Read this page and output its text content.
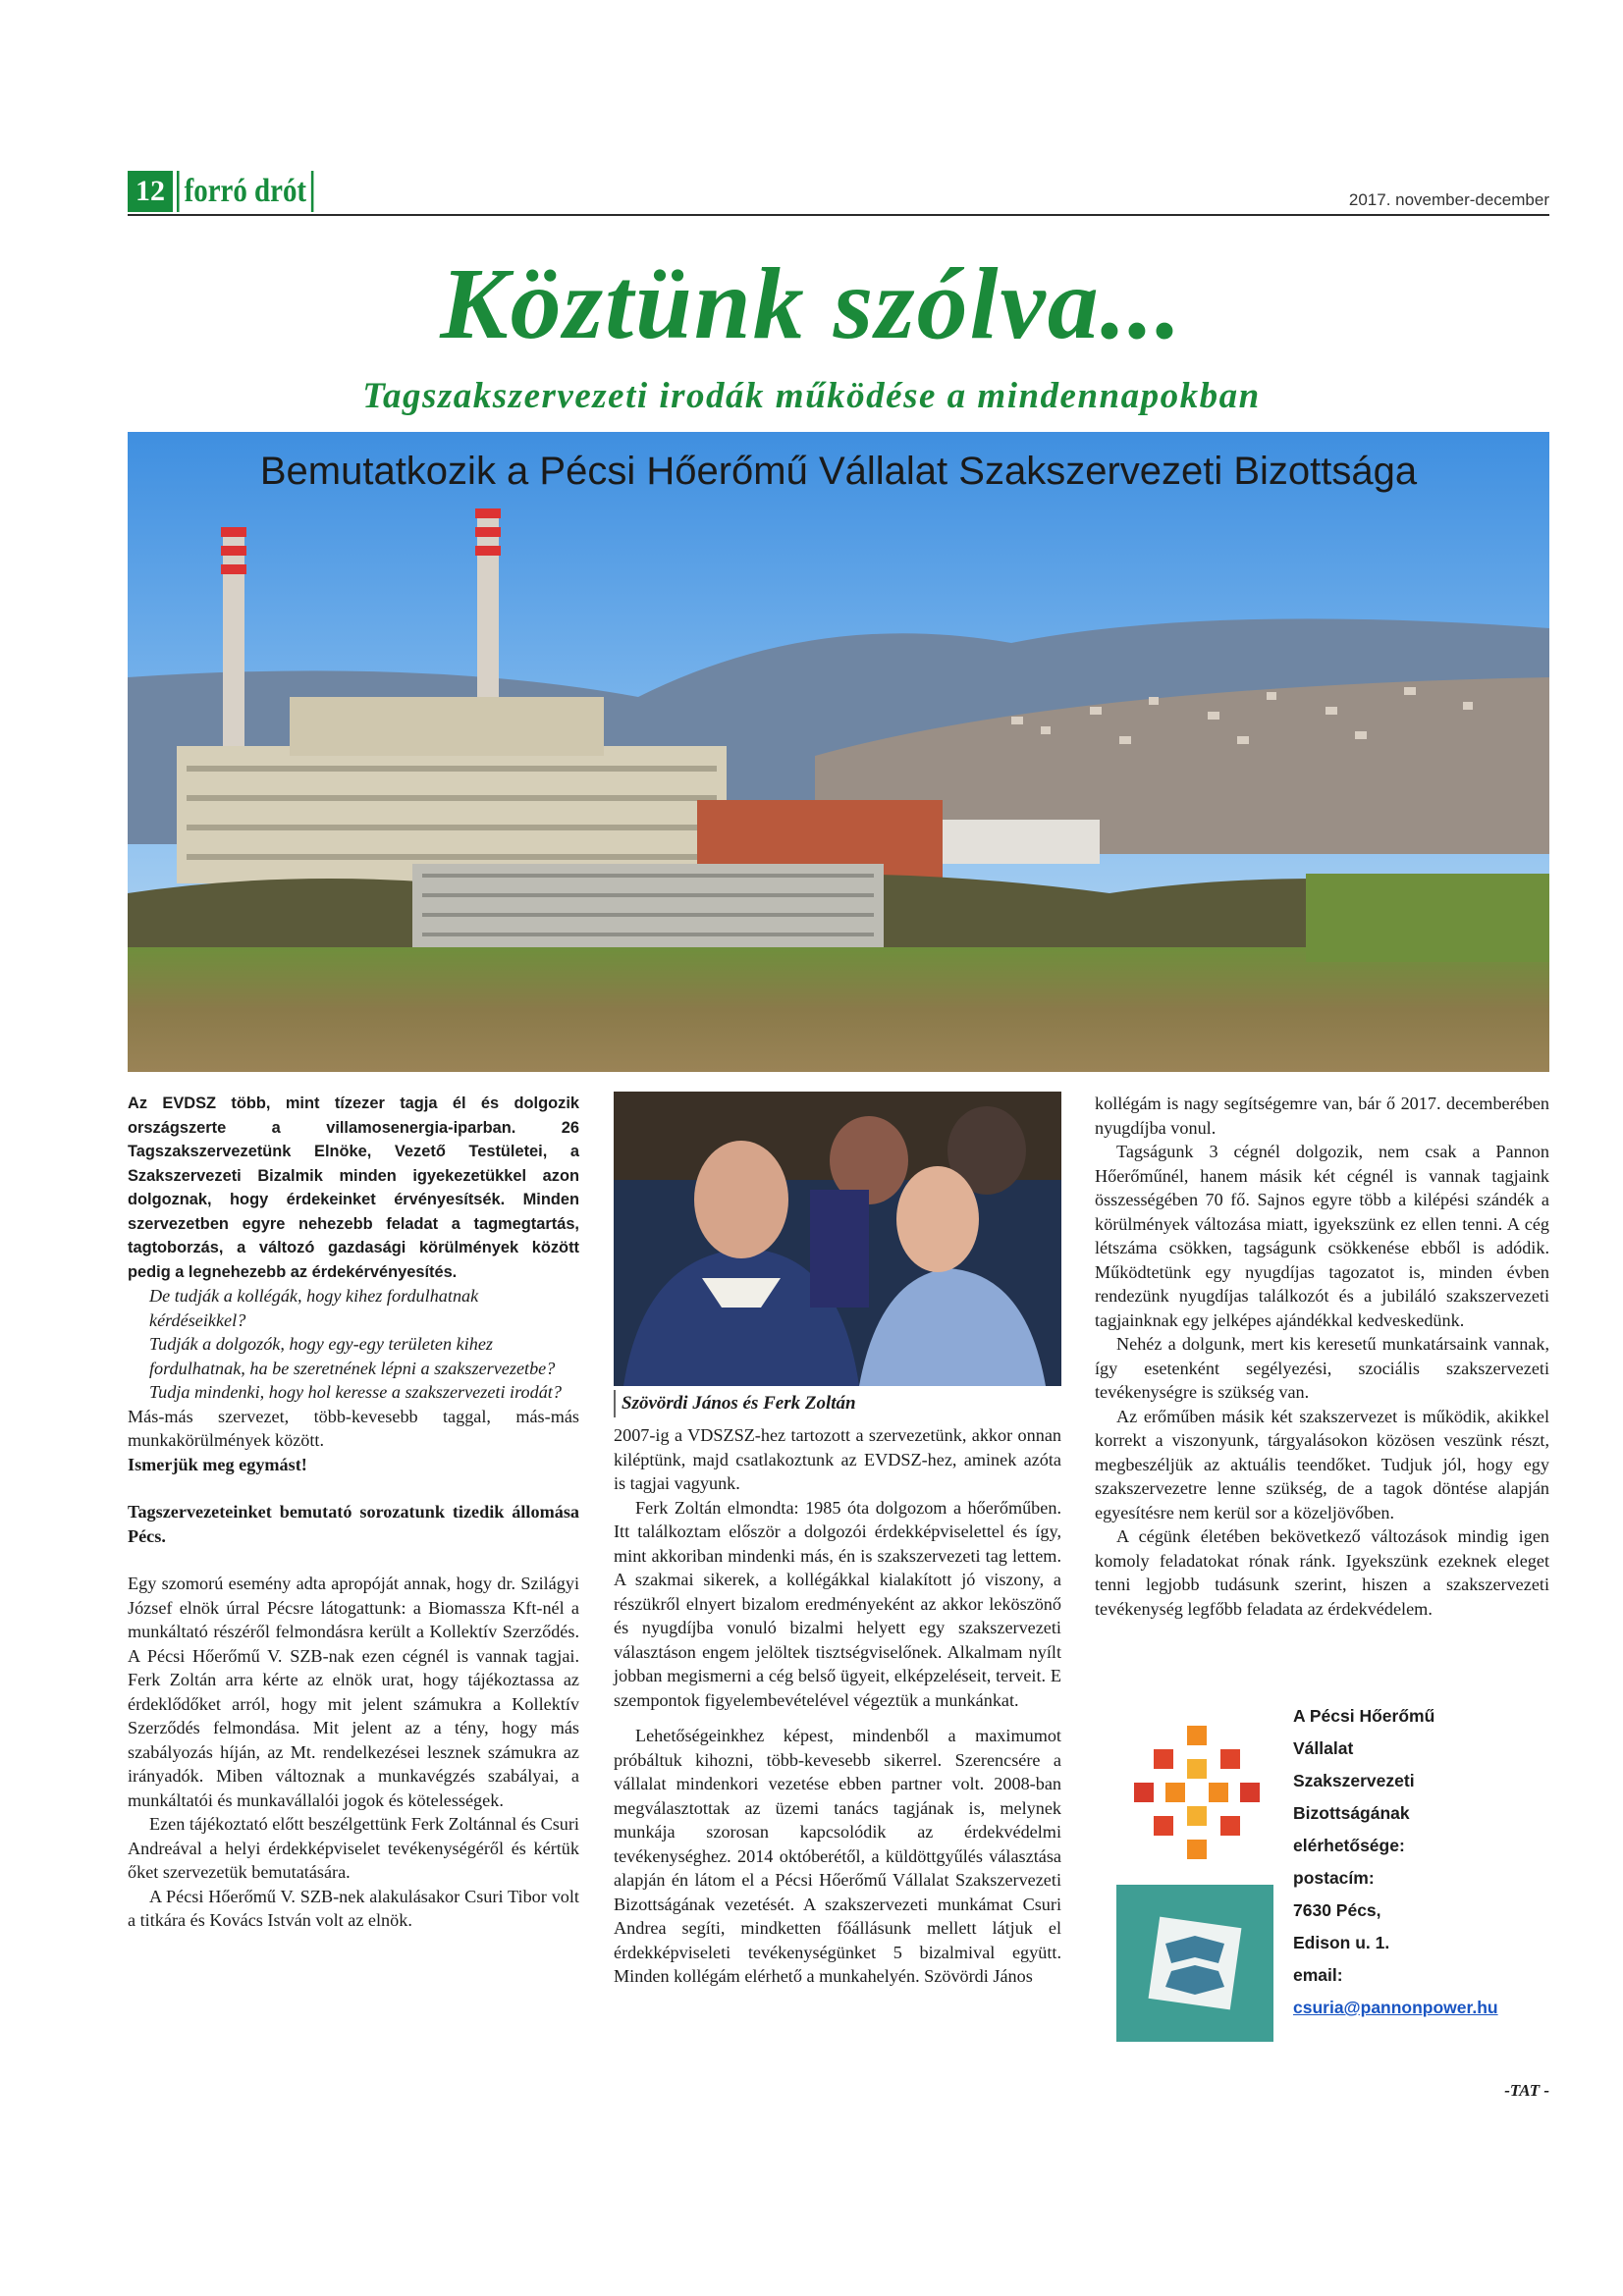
12 forró drót	2017. november-december
Köztünk szólva...
Tagszakszervezeti irodák működése a mindennapokban
Bemutatkozik a Pécsi Hőerőmű Vállalat Szakszervezeti Bizottsága

Az EVDSZ több, mint tízezer tagja él és dolgozik országszerte a villamosenergia-iparban. 26 Tagszakszervezetünk Elnöke, Vezető Testületei, a Szakszervezeti Bizalmik minden igyekezetükkel azon dolgoznak, hogy érdekeinket érvényesítsék. Minden szervezetben egyre nehezebb feladat a tagmegtartás, tagtoborzás, a változó gazdasági körülmények között pedig a legnehezebb az érdekérvényesítés.

De tudják a kollégák, hogy kihez fordulhatnak kérdéseikkel?

Tudják a dolgozók, hogy egy-egy területen kihez fordulhatnak, ha be szeretnének lépni a szakszervezetbe?

Tudja mindenki, hogy hol keresse a szakszervezeti irodát?

Más-más szervezet, több-kevesebb taggal, más-más munkakörülmények között.

Ismerjük meg egymást!

Tagszervezeteinket bemutató sorozatunk tizedik állomása Pécs.

Egy szomorú esemény adta apropóját annak, hogy dr. Szilágyi József elnök úrral Pécsre látogattunk: a Biomassza Kft-nél a munkáltató részéről felmondásra került a Kollektív Szerződés. A Pécsi Hőerőmű V. SZB-nak ezen cégnél is vannak tagjai. Ferk Zoltán arra kérte az elnök urat, hogy tájékoztassa az érdeklődőket arról, hogy mit jelent számukra a Kollektív Szerződés felmondása. Mit jelent az a tény, hogy más szabályozás híján, az Mt. rendelkezései lesznek számukra az irányadók. Miben változnak a munkavégzés szabályai, a munkáltatói és munkavállalói jogok és kötelességek.

Ezen tájékoztató előtt beszélgettünk Ferk Zoltánnal és Csuri Andreával a helyi érdekképviselet tevékenységéről és kértük őket szervezetük bemutatására.

A Pécsi Hőerőmű V. SZB-nek alakulásakor Csuri Tibor volt a titkára és Kovács István volt az elnök.

Szövördi János és Ferk Zoltán

2007-ig a VDSZSZ-hez tartozott a szervezetünk, akkor onnan kiléptünk, majd csatlakoztunk az EVDSZ-hez, aminek azóta is tagjai vagyunk.

Ferk Zoltán elmondta: 1985 óta dolgozom a hőerőműben. Itt találkoztam először a dolgozói érdekképviselettel és így, mint akkoriban mindenki más, én is szakszervezeti tag lettem. A szakmai sikerek, a kollégákkal kialakított jó viszony, a részükről elnyert bizalom eredményeként az akkor leköszönő és nyugdíjba vonuló bizalmi helyett egy szakszervezeti választáson engem jelöltek tisztségviselőnek. Alkalmam nyílt jobban megismerni a cég belső ügyeit, elképzeléseit, terveit. E szempontok figyelembevételével végeztük a munkánkat.

Lehetőségeinkhez képest, mindenből a maximumot próbáltuk kihozni, több-kevesebb sikerrel. Szerencsére a vállalat mindenkori vezetése ebben partner volt. 2008-ban megválasztottak az üzemi tanács tagjának is, melynek munkája szorosan kapcsolódik az érdekvédelmi tevékenységhez. 2014 októberétől, a küldöttgyűlés választása alapján én látom el a Pécsi Hőerőmű Vállalat Szakszervezeti Bizottságának vezetését. A szakszervezeti munkámat Csuri Andrea segíti, mindketten főállásunk mellett látjuk el érdekképviseleti tevékenységünket 5 bizalmival együtt. Minden kollégám elérhető a munkahelyén. Szövördi János

kollégám is nagy segítségemre van, bár ő 2017. decemberében nyugdíjba vonul.

Tagságunk 3 cégnél dolgozik, nem csak a Pannon Hőerőműnél, hanem másik két cégnél is vannak tagjaink összességében 70 fő. Sajnos egyre több a kilépési szándék a körülmények változása miatt, igyekszünk ez ellen tenni. A cég létszáma csökken, tagságunk csökkenése ebből is adódik. Működtetünk egy nyugdíjas tagozatot is, minden évben rendezünk nyugdíjas találkozót és a jubiláló szakszervezeti tagjainknak egy jelképes ajándékkal kedveskedünk.

Nehéz a dolgunk, mert kis keresetű munkatársaink vannak, így esetenként segélyezési, szociális szakszervezeti tevékenységre is szükség van.

Az erőműben másik két szakszervezet is működik, akikkel korrekt a viszonyunk, tárgyalásokon közösen veszünk részt, megbeszéljük az aktuális teendőket. Tudjuk jól, hogy egy szakszervezetre lenne szükség, de a tagok döntése alapján egyesítésre nem kerül sor a közeljövőben.

A cégünk életében bekövetkező változások mindig igen komoly feladatokat rónak ránk. Igyekszünk ezeknek eleget tenni legjobb tudásunk szerint, hiszen a szakszervezeti tevékenység legfőbb feladata az érdekvédelem.

A Pécsi Hőerőmű
Vállalat
Szakszervezeti
Bizottságának
elérhetősége:
postacím:
7630 Pécs,
Edison u. 1.
email:
csuria@pannonpower.hu
-TAT -
